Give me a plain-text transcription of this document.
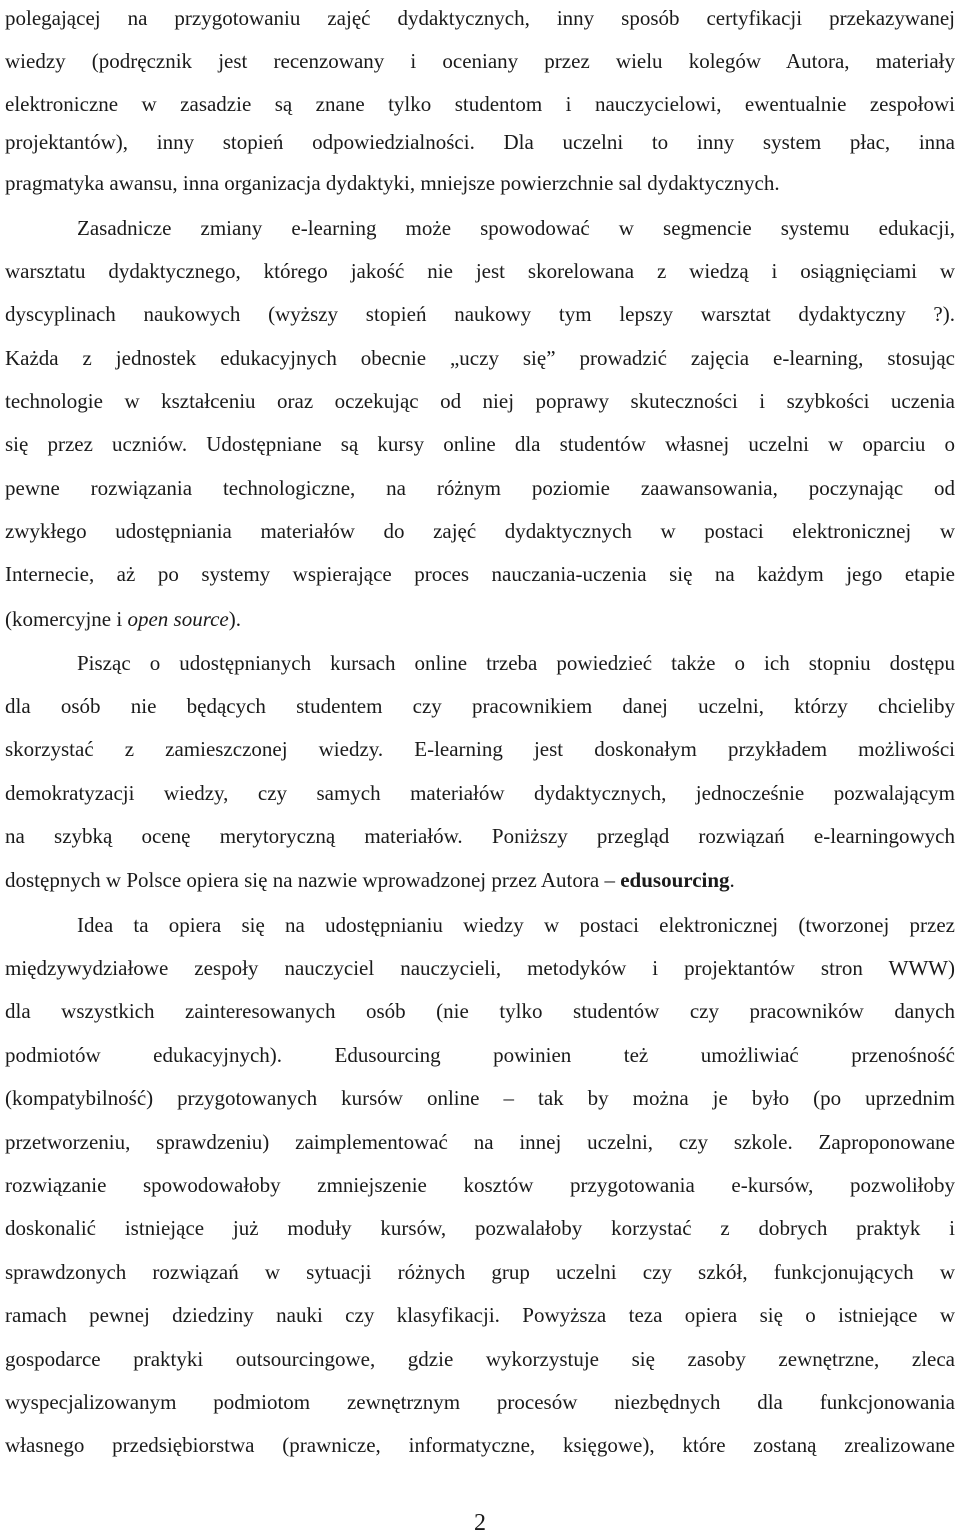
polegającej na przygotowaniu zajęć dydaktycznych, inny sposób certyfikacji przekazywanej
wiedzy (podręcznik jest recenzowany i oceniany przez wielu kolegów Autora, materiały
elektroniczne w zasadzie są znane tylko studentom i nauczycielowi, ewentualnie zespołowi
projektantów), inny stopień odpowiedzialności. Dla uczelni to inny system płac, inna
pragmatyka awansu, inna organizacja dydaktyki, mniejsze powierzchnie sal dydaktycznych.
Zasadnicze zmiany e-learning może spowodować w segmencie systemu edukacji,
warsztatu dydaktycznego, którego jakość nie jest skorelowana z wiedzą i osiągnięciami w
dyscyplinach naukowych (wyższy stopień naukowy tym lepszy warsztat dydaktyczny ?).
Każda z jednostek edukacyjnych obecnie „uczy się” prowadzić zajęcia e-learning, stosując
technologie w kształceniu oraz oczekując od niej poprawy skuteczności i szybkości uczenia
się przez uczniów. Udostępniane są kursy online dla studentów własnej uczelni w oparciu o
pewne rozwiązania technologiczne, na różnym poziomie zaawansowania, poczynając od
zwykłego udostępniania materiałów do zajęć dydaktycznych w postaci elektronicznej w
Internecie, aż po systemy wspierające proces nauczania-uczenia się na każdym jego etapie
(komercyjne i open source).
Pisząc o udostępnianych kursach online trzeba powiedzieć także o ich stopniu dostępu
dla osób nie będących studentem czy pracownikiem danej uczelni, którzy chcieliby
skorzystać z zamieszczonej wiedzy. E-learning jest doskonałym przykładem możliwości
demokratyzacji wiedzy, czy samych materiałów dydaktycznych, jednocześnie pozwalającym
na szybką ocenę merytoryczną materiałów. Poniższy przegląd rozwiązań e-learningowych
dostępnych w Polsce opiera się na nazwie wprowadzonej przez Autora – edusourcing.
Idea ta opiera się na udostępnianiu wiedzy w postaci elektronicznej (tworzonej przez
międzywydziałowe zespoły nauczyciel nauczycieli, metodyków i projektantów stron WWW)
dla wszystkich zainteresowanych osób (nie tylko studentów czy pracowników danych
podmiotów edukacyjnych). Edusourcing powinien też umożliwiać przenośność
(kompatybilność) przygotowanych kursów online – tak by można je było (po uprzednim
przetworzeniu, sprawdzeniu) zaimplementować na innej uczelni, czy szkole. Zaproponowane
rozwiązanie spowodowałoby zmniejszenie kosztów przygotowania e-kursów, pozwoliłoby
doskonalić istniejące już moduły kursów, pozwalałoby korzystać z dobrych praktyk i
sprawdzonych rozwiązań w sytuacji różnych grup uczelni czy szkół, funkcjonujących w
ramach pewnej dziedziny nauki czy klasyfikacji. Powyższa teza opiera się o istniejące w
gospodarce praktyki outsourcingowe, gdzie wykorzystuje się zasoby zewnętrzne, zleca
wyspecjalizowanym podmiotom zewnętrznym procesów niezbędnych dla funkcjonowania
własnego przedsiębiorstwa (prawnicze, informatyczne, księgowe), które zostaną zrealizowane
2
